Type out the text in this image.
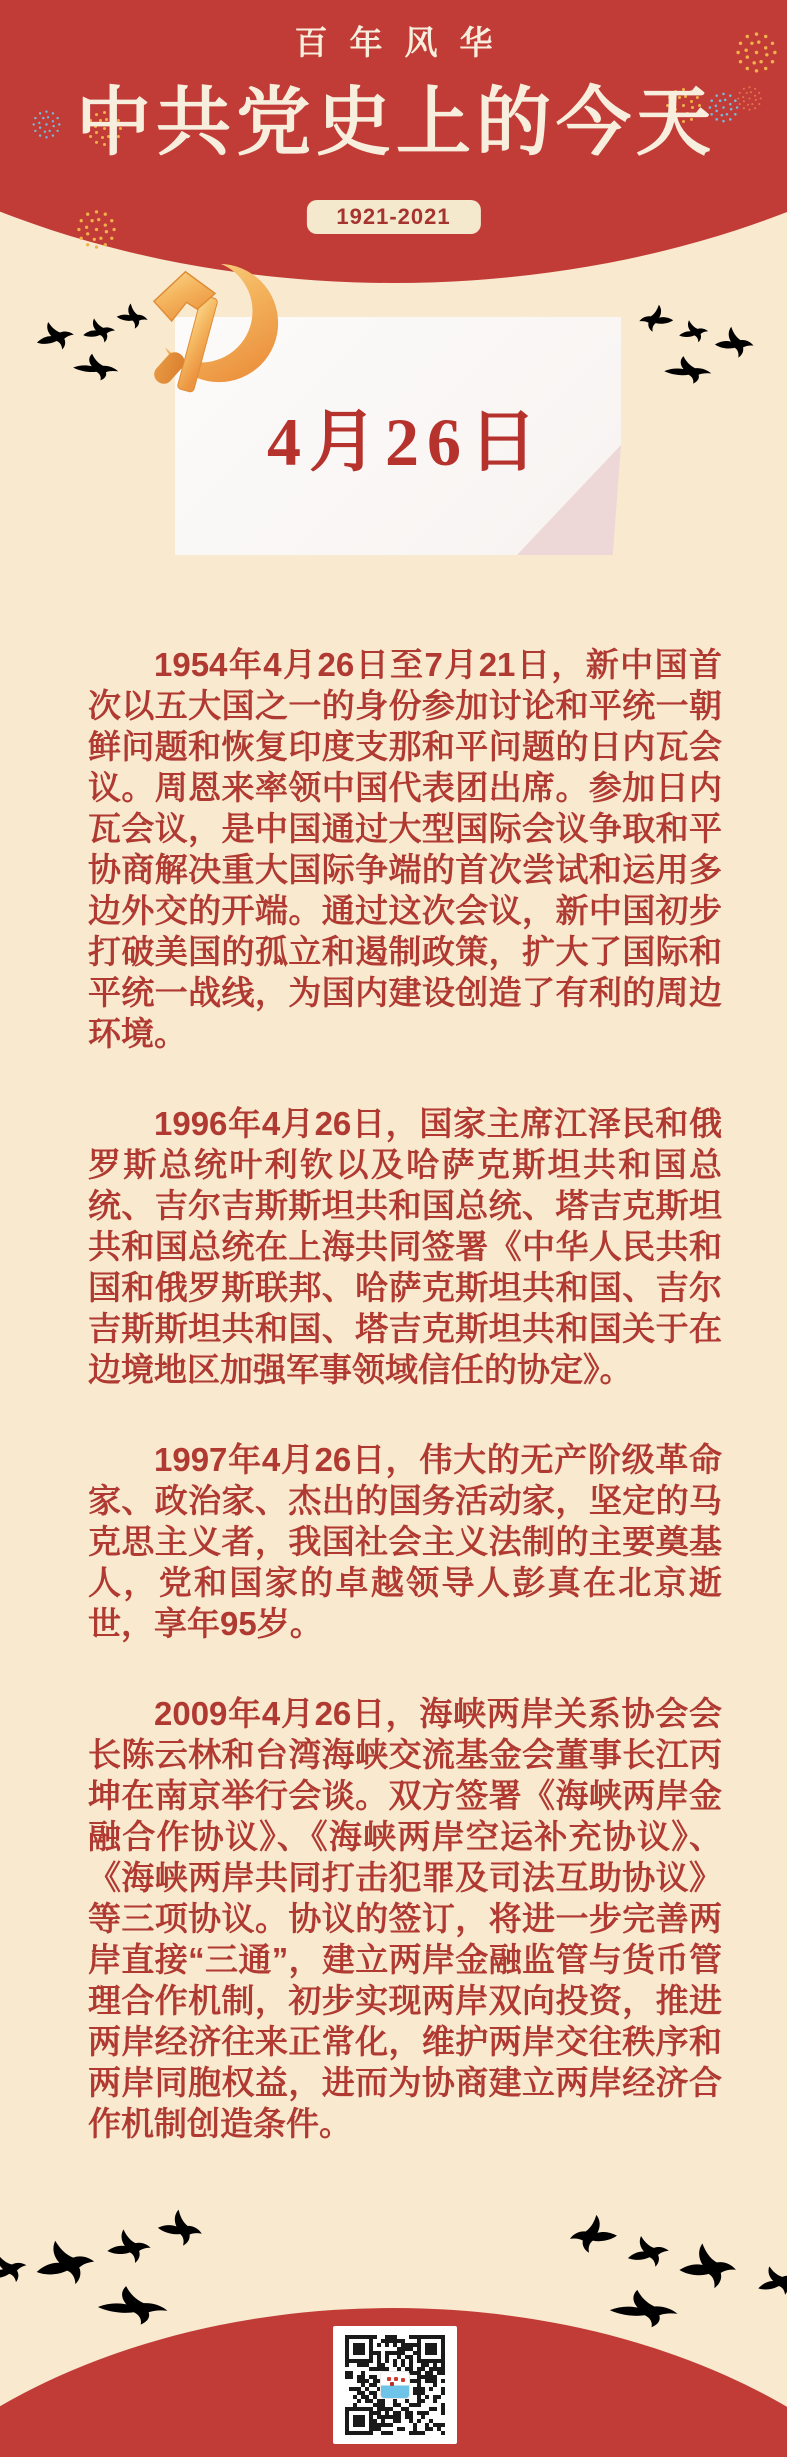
百年风华
中共党史上的今天
1921-2021
4月26日

1954年4月26日至7月21日，新中国首次以五大国之一的身份参加讨论和平统一朝鲜问题和恢复印度支那和平问题的日内瓦会议。周恩来率领中国代表团出席。参加日内瓦会议，是中国通过大型国际会议争取和平协商解决重大国际争端的首次尝试和运用多边外交的开端。通过这次会议，新中国初步打破美国的孤立和遏制政策，扩大了国际和平统一战线，为国内建设创造了有利的周边环境。

1996年4月26日，国家主席江泽民和俄罗斯总统叶利钦以及哈萨克斯坦共和国总统、吉尔吉斯斯坦共和国总统、塔吉克斯坦共和国总统在上海共同签署《中华人民共和国和俄罗斯联邦、哈萨克斯坦共和国、吉尔吉斯斯坦共和国、塔吉克斯坦共和国关于在边境地区加强军事领域信任的协定》。

1997年4月26日，伟大的无产阶级革命家、政治家、杰出的国务活动家，坚定的马克思主义者，我国社会主义法制的主要奠基人，党和国家的卓越领导人彭真在北京逝世，享年95岁。

2009年4月26日，海峡两岸关系协会会长陈云林和台湾海峡交流基金会董事长江丙坤在南京举行会谈。双方签署《海峡两岸金融合作协议》、《海峡两岸空运补充协议》、《海峡两岸共同打击犯罪及司法互助协议》等三项协议。协议的签订，将进一步完善两岸直接“三通”，建立两岸金融监管与货币管理合作机制，初步实现两岸双向投资，推进两岸经济往来正常化，维护两岸交往秩序和两岸同胞权益，进而为协商建立两岸经济合作机制创造条件。
